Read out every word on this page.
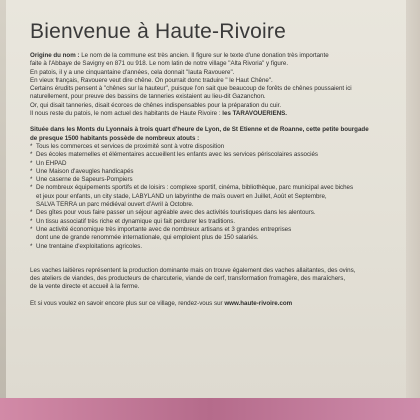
Bienvenue à Haute-Rivoire

Origine du nom : Le nom de la commune est très ancien. Il figure sur le texte d'une donation très importante

faite à l'Abbaye de Savigny en 871 ou 918. Le nom latin de notre village "Alta Rivoria" y figure.

En patois, il y a une cinquantaine d'années, cela donnait "Iauta Ravouere".

En vieux français, Ravouere veut dire chêne. On pourrait donc traduire " le Haut Chêne".

Certains érudits pensent à "chênes sur la hauteur", puisque l'on sait que beaucoup de forêts de chênes poussaient ici

naturellement, pour preuve des bassins de tanneries existaient au lieu-dit Gazanchon.

Or, qui disait tanneries, disait écorces de chênes indispensables pour la préparation du cuir.

Il nous reste du patois, le nom actuel des habitants de Haute Rivoire : les TARAVOUERIENS.

Située dans les Monts du Lyonnais à trois quart d'heure de Lyon, de St Etienne et de Roanne, cette petite bourgade

de presque 1500 habitants possède de nombreux atouts :

* Tous les commerces et services de proximité sont à votre disposition
* Des écoles maternelles et élémentaires accueillent les enfants avec les services périscolaires associés
* Un EHPAD
* Une Maison d'aveugles handicapés
* Une caserne de Sapeurs-Pompiers
* De nombreux équipements sportifs et de loisirs : complexe sportif, cinéma, bibliothèque, parc municipal avec biches

et jeux pour enfants, un city stade, LABYLAND un labyrinthe de maïs ouvert en Juillet, Août et Septembre,

SALVA TERRA un parc médiéval ouvert d'Avril à Octobre.

* Des gîtes pour vous faire passer un séjour agréable avec des activités touristiques dans les alentours.
* Un tissu associatif très riche et dynamique qui fait perdurer les traditions.
* Une activité économique très importante avec de nombreux artisans et 3 grandes entreprises

dont une de grande renommée internationale, qui emploient plus de 150 salariés.

* Une trentaine d'exploitations agricoles.

Les vaches laitières représentent la production dominante mais on trouve également des vaches allaitantes, des ovins,

des ateliers de viandes, des producteurs de charcuterie, viande de cerf, transformation fromagère, des maraîchers,

de la vente directe et accueil à la ferme.

Et si vous voulez en savoir encore plus sur ce village, rendez-vous sur www.haute-rivoire.com
